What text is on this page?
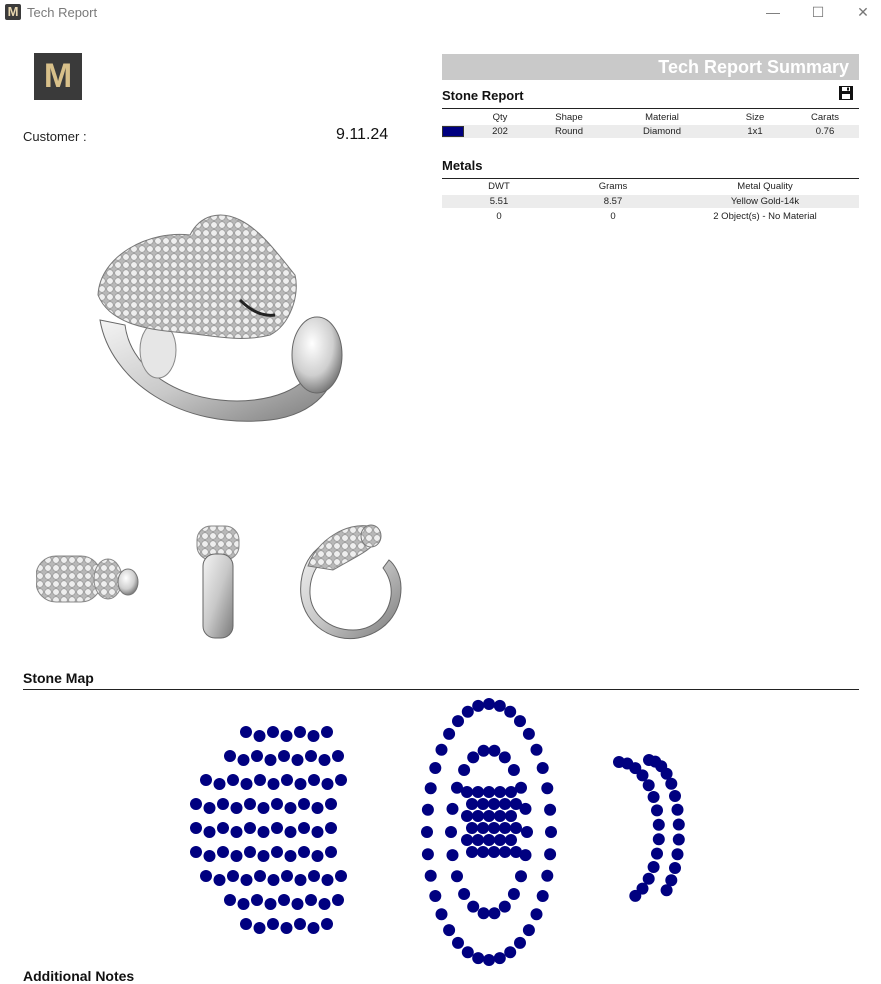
M Tech Report	—	☐	✕
M
Customer :	9.11.24
Tech Report Summary
Stone Report
Qty	Shape	Material	Size	Carats
202	Round	Diamond	1x1	0.76
Metals
DWT	Grams	Metal Quality
5.51	8.57	Yellow Gold-14k
0	0	2 Object(s) - No Material
Stone Map
Additional Notes
